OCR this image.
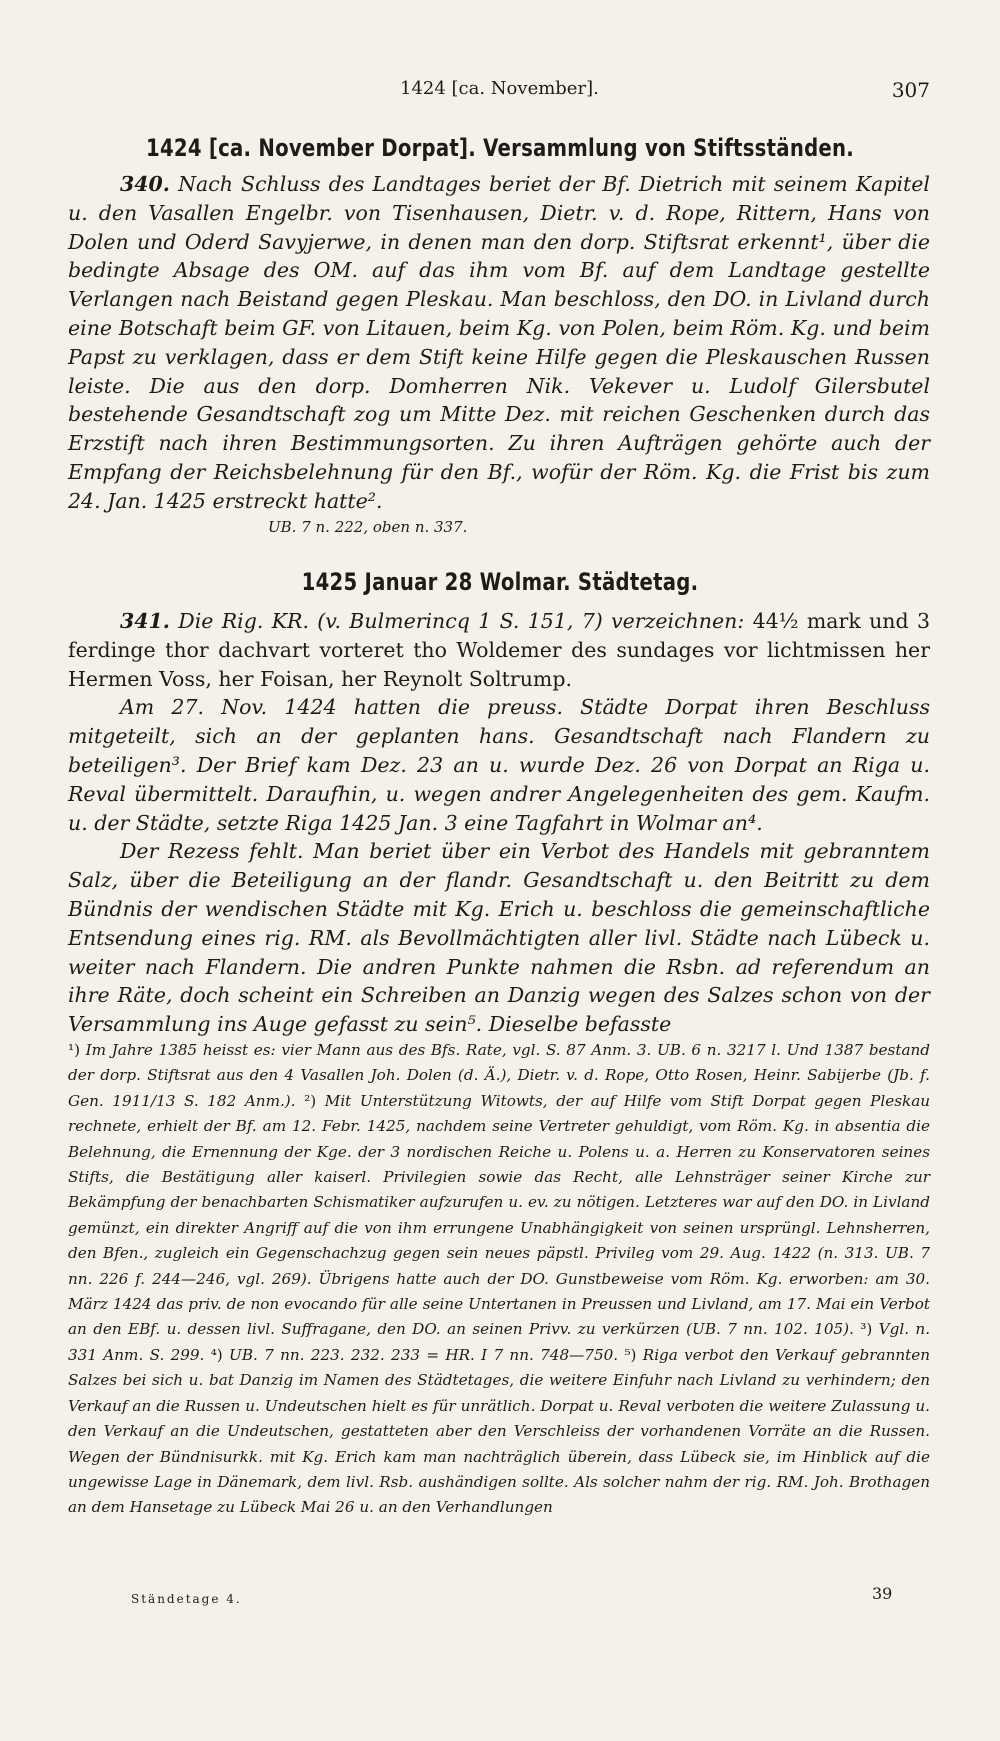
1424 [ca. November].	307
1424 [ca. November Dorpat]. Versammlung von Stiftsständen.

340. Nach Schluss des Landtages beriet der Bf. Dietrich mit seinem Kapitel u. den Vasallen Engelbr. von Tisenhausen, Dietr. v. d. Rope, Rittern, Hans von Dolen und Oderd Savyjerwe, in denen man den dorp. Stiftsrat erkennt¹, über die bedingte Absage des OM. auf das ihm vom Bf. auf dem Landtage gestellte Verlangen nach Beistand gegen Pleskau. Man beschloss, den DO. in Livland durch eine Botschaft beim GF. von Litauen, beim Kg. von Polen, beim Röm. Kg. und beim Papst zu verklagen, dass er dem Stift keine Hilfe gegen die Pleskauschen Russen leiste. Die aus den dorp. Domherren Nik. Vekever u. Ludolf Gilersbutel bestehende Gesandtschaft zog um Mitte Dez. mit reichen Geschenken durch das Erzstift nach ihren Bestimmungsorten. Zu ihren Aufträgen gehörte auch der Empfang der Reichsbelehnung für den Bf., wofür der Röm. Kg. die Frist bis zum 24. Jan. 1425 erstreckt hatte².

UB. 7 n. 222, oben n. 337.

1425 Januar 28 Wolmar. Städtetag.

341. Die Rig. KR. (v. Bulmerincq 1 S. 151, 7) verzeichnen: 44½ mark und 3 ferdinge thor dachvart vorteret tho Woldemer des sundages vor lichtmissen her Hermen Voss, her Foisan, her Reynolt Soltrump.

Am 27. Nov. 1424 hatten die preuss. Städte Dorpat ihren Beschluss mitgeteilt, sich an der geplanten hans. Gesandtschaft nach Flandern zu beteiligen³. Der Brief kam Dez. 23 an u. wurde Dez. 26 von Dorpat an Riga u. Reval übermittelt. Daraufhin, u. wegen andrer Angelegenheiten des gem. Kaufm. u. der Städte, setzte Riga 1425 Jan. 3 eine Tagfahrt in Wolmar an⁴.

Der Rezess fehlt. Man beriet über ein Verbot des Handels mit gebranntem Salz, über die Beteiligung an der flandr. Gesandtschaft u. den Beitritt zu dem Bündnis der wendischen Städte mit Kg. Erich u. beschloss die gemeinschaftliche Entsendung eines rig. RM. als Bevollmächtigten aller livl. Städte nach Lübeck u. weiter nach Flandern. Die andren Punkte nahmen die Rsbn. ad referendum an ihre Räte, doch scheint ein Schreiben an Danzig wegen des Salzes schon von der Versammlung ins Auge gefasst zu sein⁵. Dieselbe befasste

¹) Im Jahre 1385 heisst es: vier Mann aus des Bfs. Rate, vgl. S. 87 Anm. 3. UB. 6 n. 3217 l. Und 1387 bestand der dorp. Stiftsrat aus den 4 Vasallen Joh. Dolen (d. Ä.), Dietr. v. d. Rope, Otto Rosen, Heinr. Sabijerbe (Jb. f. Gen. 1911/13 S. 182 Anm.). ²) Mit Unterstützung Witowts, der auf Hilfe vom Stift Dorpat gegen Pleskau rechnete, erhielt der Bf. am 12. Febr. 1425, nachdem seine Vertreter gehuldigt, vom Röm. Kg. in absentia die Belehnung, die Ernennung der Kge. der 3 nordischen Reiche u. Polens u. a. Herren zu Konservatoren seines Stifts, die Bestätigung aller kaiserl. Privilegien sowie das Recht, alle Lehnsträger seiner Kirche zur Bekämpfung der benachbarten Schismatiker aufzurufen u. ev. zu nötigen. Letzteres war auf den DO. in Livland gemünzt, ein direkter Angriff auf die von ihm errungene Unabhängigkeit von seinen ursprüngl. Lehnsherren, den Bfen., zugleich ein Gegenschachzug gegen sein neues päpstl. Privileg vom 29. Aug. 1422 (n. 313. UB. 7 nn. 226 f. 244—246, vgl. 269). Übrigens hatte auch der DO. Gunstbeweise vom Röm. Kg. erworben: am 30. März 1424 das priv. de non evocando für alle seine Untertanen in Preussen und Livland, am 17. Mai ein Verbot an den EBf. u. dessen livl. Suffragane, den DO. an seinen Privv. zu verkürzen (UB. 7 nn. 102. 105). ³) Vgl. n. 331 Anm. S. 299. ⁴) UB. 7 nn. 223. 232. 233 = HR. I 7 nn. 748—750. ⁵) Riga verbot den Verkauf gebrannten Salzes bei sich u. bat Danzig im Namen des Städtetages, die weitere Einfuhr nach Livland zu verhindern; den Verkauf an die Russen u. Undeutschen hielt es für unrätlich. Dorpat u. Reval verboten die weitere Zulassung u. den Verkauf an die Undeutschen, gestatteten aber den Verschleiss der vorhandenen Vorräte an die Russen. Wegen der Bündnisurkk. mit Kg. Erich kam man nachträglich überein, dass Lübeck sie, im Hinblick auf die ungewisse Lage in Dänemark, dem livl. Rsb. aushändigen sollte. Als solcher nahm der rig. RM. Joh. Brothagen an dem Hansetage zu Lübeck Mai 26 u. an den Verhandlungen
Ständetage 4.	39
